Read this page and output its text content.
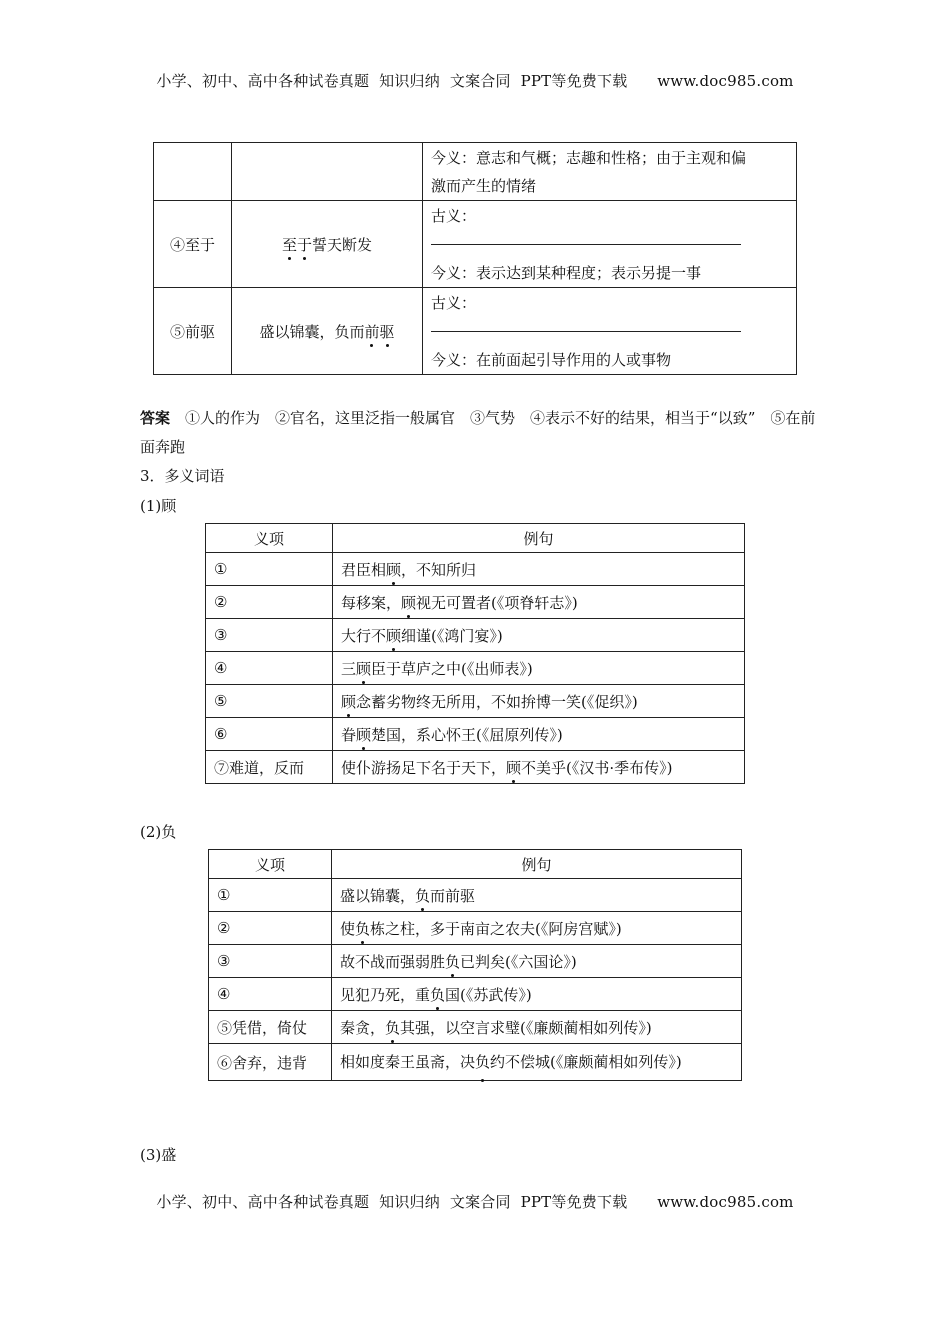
小学、初中、高中各种试卷真题  知识归纳  文案合同  PPT等免费下载      www.doc985.com

		今义：意志和气概；志趣和性格；由于主观和偏
激而产生的情绪

④至于	至于誓天断发	古义：
今义：表示达到某种程度；表示另提一事

⑤前驱	盛以锦囊，负而前驱	古义：
今义：在前面起引导作用的人或事物
答案　 ①人的作为　②官名，这里泛指一般属官　③气势　④表示不好的结果，相当于“以致”　⑤在前面奔跑
3．多义词语
(1)顾
义项	例句
①	君臣相顾，不知所归
②	每移案，顾视无可置者(《项脊轩志》)
③	大行不顾细谨(《鸿门宴》)
④	三顾臣于草庐之中(《出师表》)
⑤	顾念蓄劣物终无所用，不如拚博一笑(《促织》)
⑥	眷顾楚国，系心怀王(《屈原列传》)
⑦难道，反而	使仆游扬足下名于天下，顾不美乎(《汉书·季布传》)
(2)负
义项	例句
①	盛以锦囊，负而前驱
②	使负栋之柱，多于南亩之农夫(《阿房宫赋》)
③	故不战而强弱胜负已判矣(《六国论》)
④	见犯乃死，重负国(《苏武传》)
⑤凭借，倚仗	秦贪，负其强，以空言求璧(《廉颇蔺相如列传》)
⑥舍弃，违背	相如度秦王虽斋，决负约不偿城(《廉颇蔺相如列传》)
(3)盛
小学、初中、高中各种试卷真题  知识归纳  文案合同  PPT等免费下载      www.doc985.com
